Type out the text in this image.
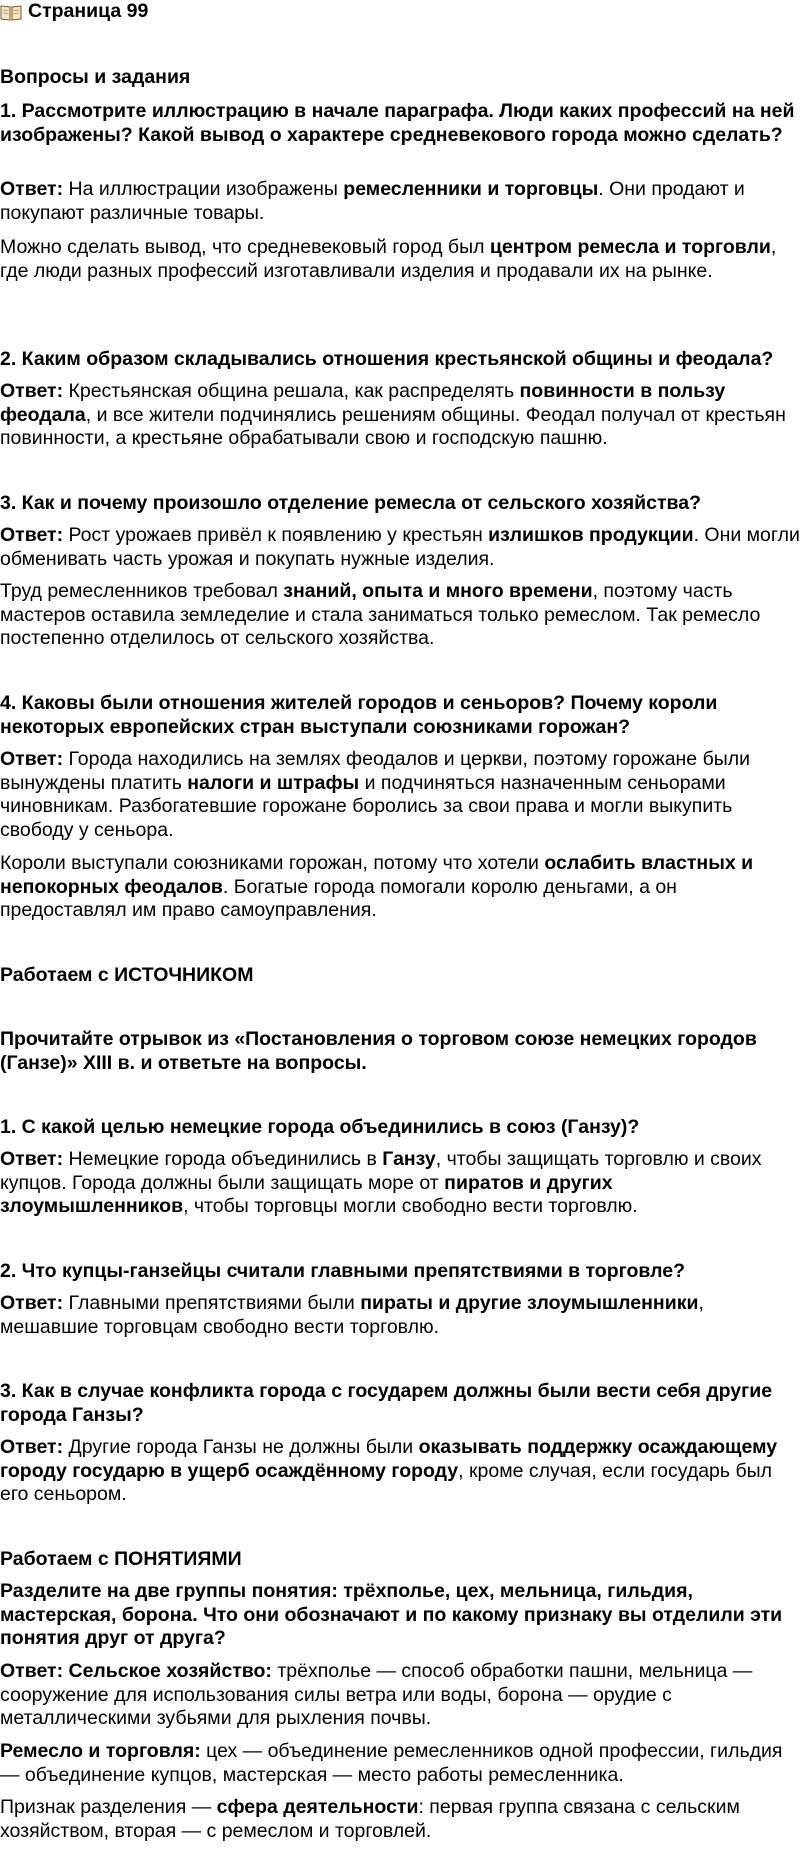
Страница 99

Вопросы и задания

1. Рассмотрите иллюстрацию в начале параграфа. Люди каких профессий на ней изображены? Какой вывод о характере средневекового города можно сделать?

Ответ: На иллюстрации изображены ремесленники и торговцы. Они продают и покупают различные товары.

Можно сделать вывод, что средневековый город был центром ремесла и торговли, где люди разных профессий изготавливали изделия и продавали их на рынке.

2. Каким образом складывались отношения крестьянской общины и феодала?

Ответ: Крестьянская община решала, как распределять повинности в пользу феодала, и все жители подчинялись решениям общины. Феодал получал от крестьян повинности, а крестьяне обрабатывали свою и господскую пашню.

3. Как и почему произошло отделение ремесла от сельского хозяйства?

Ответ: Рост урожаев привёл к появлению у крестьян излишков продукции. Они могли обменивать часть урожая и покупать нужные изделия.

Труд ремесленников требовал знаний, опыта и много времени, поэтому часть мастеров оставила земледелие и стала заниматься только ремеслом. Так ремесло постепенно отделилось от сельского хозяйства.

4. Каковы были отношения жителей городов и сеньоров? Почему короли некоторых европейских стран выступали союзниками горожан?

Ответ: Города находились на землях феодалов и церкви, поэтому горожане были вынуждены платить налоги и штрафы и подчиняться назначенным сеньорами чиновникам. Разбогатевшие горожане боролись за свои права и могли выкупить свободу у сеньора.

Короли выступали союзниками горожан, потому что хотели ослабить властных и непокорных феодалов. Богатые города помогали королю деньгами, а он предоставлял им право самоуправления.

Работаем с ИСТОЧНИКОМ

Прочитайте отрывок из «Постановления о торговом союзе немецких городов (Ганзе)» XIII в. и ответьте на вопросы.

1. С какой целью немецкие города объединились в союз (Ганзу)?

Ответ: Немецкие города объединились в Ганзу, чтобы защищать торговлю и своих купцов. Города должны были защищать море от пиратов и других злоумышленников, чтобы торговцы могли свободно вести торговлю.

2. Что купцы-ганзейцы считали главными препятствиями в торговле?

Ответ: Главными препятствиями были пираты и другие злоумышленники, мешавшие торговцам свободно вести торговлю.

3. Как в случае конфликта города с государем должны были вести себя другие города Ганзы?

Ответ: Другие города Ганзы не должны были оказывать поддержку осаждающему городу государю в ущерб осаждённому городу, кроме случая, если государь был его сеньором.

Работаем с ПОНЯТИЯМИ

Разделите на две группы понятия: трёхполье, цех, мельница, гильдия, мастерская, борона. Что они обозначают и по какому признаку вы отделили эти понятия друг от друга?

Ответ: Сельское хозяйство: трёхполье — способ обработки пашни, мельница — сооружение для использования силы ветра или воды, борона — орудие с металлическими зубьями для рыхления почвы.

Ремесло и торговля: цех — объединение ремесленников одной профессии, гильдия — объединение купцов, мастерская — место работы ремесленника.

Признак разделения — сфера деятельности: первая группа связана с сельским хозяйством, вторая — с ремеслом и торговлей.
